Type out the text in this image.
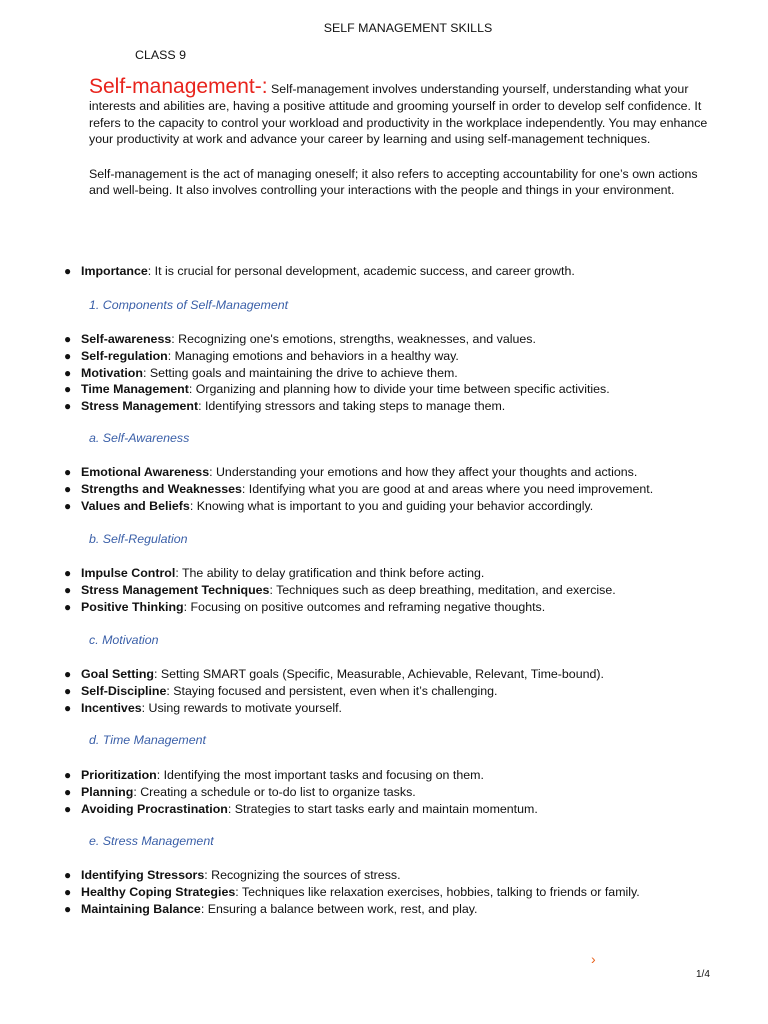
SELF MANAGEMENT SKILLS
CLASS 9

Self-management-: Self-management involves understanding yourself, understanding what your interests and abilities are, having a positive attitude and grooming yourself in order to develop self confidence. It refers to the capacity to control your workload and productivity in the workplace independently. You may enhance your productivity at work and advance your career by learning and using self-management techniques.

Self-management is the act of managing oneself; it also refers to accepting accountability for one’s own actions and well-being. It also involves controlling your interactions with the people and things in your environment.

● Importance: It is crucial for personal development, academic success, and career growth.
1. Components of Self-Management
● Self-awareness: Recognizing one's emotions, strengths, weaknesses, and values.
● Self-regulation: Managing emotions and behaviors in a healthy way.
● Motivation: Setting goals and maintaining the drive to achieve them.
● Time Management: Organizing and planning how to divide your time between specific activities.
● Stress Management: Identifying stressors and taking steps to manage them.
a. Self-Awareness
● Emotional Awareness: Understanding your emotions and how they affect your thoughts and actions.
● Strengths and Weaknesses: Identifying what you are good at and areas where you need improvement.
● Values and Beliefs: Knowing what is important to you and guiding your behavior accordingly.
b. Self-Regulation
● Impulse Control: The ability to delay gratification and think before acting.
● Stress Management Techniques: Techniques such as deep breathing, meditation, and exercise.
● Positive Thinking: Focusing on positive outcomes and reframing negative thoughts.
c. Motivation
● Goal Setting: Setting SMART goals (Specific, Measurable, Achievable, Relevant, Time-bound).
● Self-Discipline: Staying focused and persistent, even when it’s challenging.
● Incentives: Using rewards to motivate yourself.
d. Time Management
● Prioritization: Identifying the most important tasks and focusing on them.
● Planning: Creating a schedule or to-do list to organize tasks.
● Avoiding Procrastination: Strategies to start tasks early and maintain momentum.
e. Stress Management
● Identifying Stressors: Recognizing the sources of stress.
● Healthy Coping Strategies: Techniques like relaxation exercises, hobbies, talking to friends or family.
● Maintaining Balance: Ensuring a balance between work, rest, and play.
›
1/4
